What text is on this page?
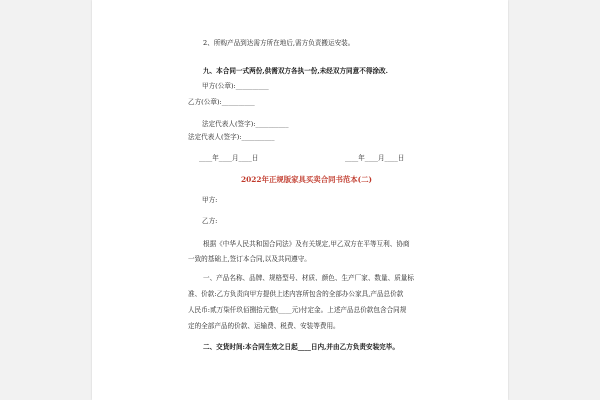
2、所购产品到达需方所在地后,需方负责搬运安装。
九、本合同一式两份,供需双方各执一份,未经双方同意不得涂改.
甲方(公章):__________
乙方(公章):__________
法定代表人(签字):__________
法定代表人(签字):__________
____年____月____日	____年____月____日
2022年正规版家具买卖合同书范本(二)
甲方:
乙方:
根据《中华人民共和国合同法》及有关规定,甲乙双方在平等互利、协商
一致的基础上,签订本合同,以及共同遵守。
一、产品名称、品牌、规格型号、材质、颜色、生产厂家、数量、质量标
准、价款:乙方负责向甲方提供上述内容所包含的全部办公家具,产品总价款
人民币:贰万柒仟玖佰捌拾元整(____元)付定金。上述产品总价款包含合同规
定的全部产品的价款、运输费、税费、安装等费用。
二、交货时间:本合同生效之日起____日内,并由乙方负责安装完毕。
